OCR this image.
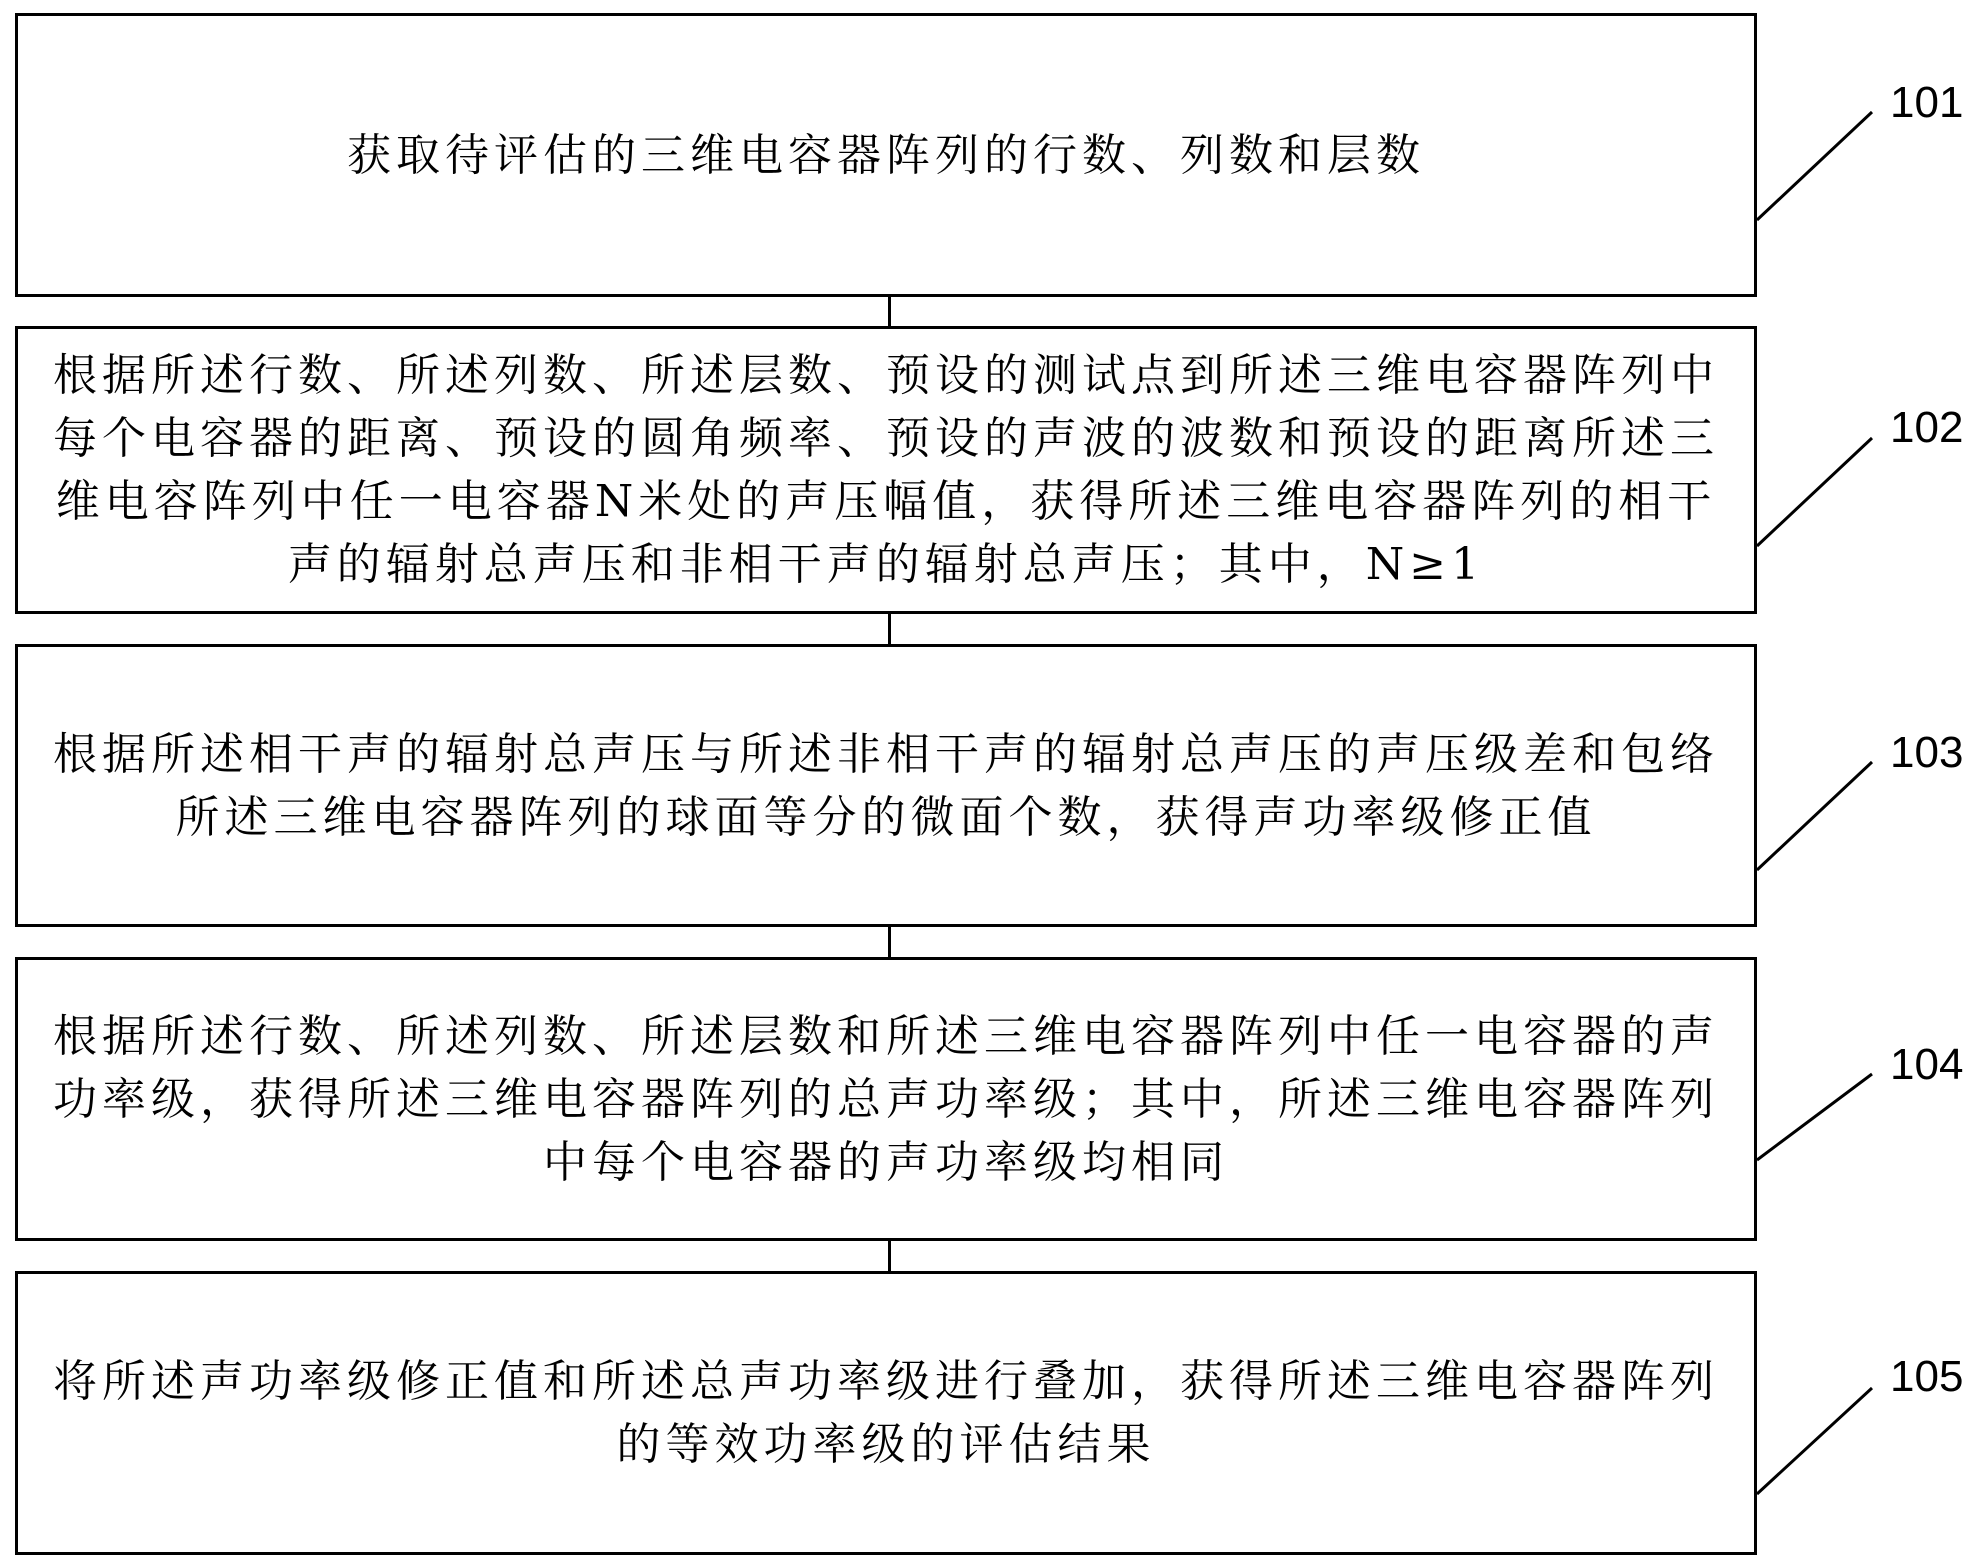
获取待评估的三维电容器阵列的行数、列数和层数
101
根据所述行数、所述列数、所述层数、预设的测试点到所述三维电容器阵列中每个电容器的距离、预设的圆角频率、预设的声波的波数和预设的距离所述三维电容阵列中任一电容器N米处的声压幅值，获得所述三维电容器阵列的相干声的辐射总声压和非相干声的辐射总声压；其中，N≥1
102
根据所述相干声的辐射总声压与所述非相干声的辐射总声压的声压级差和包络所述三维电容器阵列的球面等分的微面个数，获得声功率级修正值
103
根据所述行数、所述列数、所述层数和所述三维电容器阵列中任一电容器的声功率级，获得所述三维电容器阵列的总声功率级；其中，所述三维电容器阵列中每个电容器的声功率级均相同
104
将所述声功率级修正值和所述总声功率级进行叠加，获得所述三维电容器阵列的等效功率级的评估结果
105
